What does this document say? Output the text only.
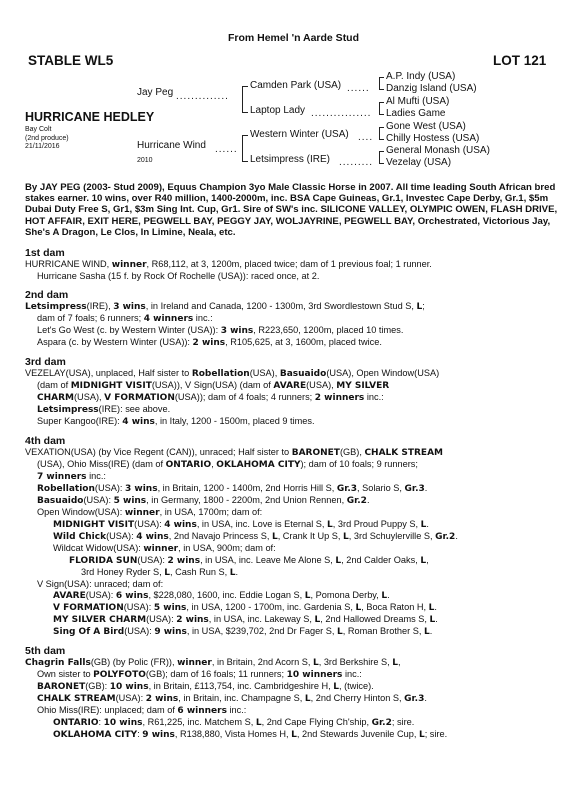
From Hemel 'n Aarde Stud
STABLE WL5	LOT 121
HURRICANE HEDLEY
Bay Colt
(2nd produce)
21/11/2016
Jay Peg ..............
Hurricane Wind ......
2010
Camden Park (USA) ......
Laptop Lady ................
Western Winter (USA) ....
Letsimpress (IRE) .........
A.P. Indy (USA)
Danzig Island (USA)
Al Mufti (USA)
Ladies Game
Gone West (USA)
Chilly Hostess (USA)
General Monash (USA)
Vezelay (USA)
By JAY PEG (2003- Stud 2009), Equus Champion 3yo Male Classic Horse in 2007. All time leading South African bred stakes earner. 10 wins, over R40 million, 1400-2000m, inc. BSA Cape Guineas, Gr.1, Investec Cape Derby, Gr.1, $5m Dubai Duty Free S, Gr1, $3m Sing Int. Cup, Gr1. Sire of SW's inc. SILICONE VALLEY, OLYMPIC OWEN, FLASH DRIVE, HOT AFFAIR, EXIT HERE, PEGWELL BAY, PEGGY JAY, WOLJAYRINE, PEGWELL BAY, Orchestrated, Victorious Jay, She's A Dragon, Le Clos, In Limine, Neala, etc.
1st dam
HURRICANE WIND, winner, R68,112, at 3, 1200m, placed twice; dam of 1 previous foal; 1 runner.
Hurricane Sasha (15 f. by Rock Of Rochelle (USA)): raced once, at 2.
2nd dam
Letsimpress(IRE), 3 wins, in Ireland and Canada, 1200 - 1300m, 3rd Swordlestown Stud S, L;
dam of 7 foals; 6 runners; 4 winners inc.:
Let's Go West (c. by Western Winter (USA)): 3 wins, R223,650, 1200m, placed 10 times.
Aspara (c. by Western Winter (USA)): 2 wins, R105,625, at 3, 1600m, placed twice.
3rd dam
VEZELAY(USA), unplaced, Half sister to Robellation(USA), Basuaido(USA), Open Window(USA)
(dam of MIDNIGHT VISIT(USA)), V Sign(USA) (dam of AVARE(USA), MY SILVER
CHARM(USA), V FORMATION(USA)); dam of 4 foals; 4 runners; 2 winners inc.:
Letsimpress(IRE): see above.
Super Kangoo(IRE): 4 wins, in Italy, 1200 - 1500m, placed 9 times.
4th dam
VEXATION(USA) (by Vice Regent (CAN)), unraced; Half sister to BARONET(GB), CHALK STREAM
(USA), Ohio Miss(IRE) (dam of ONTARIO, OKLAHOMA CITY); dam of 10 foals; 9 runners;
7 winners inc.:
Robellation(USA): 3 wins, in Britain, 1200 - 1400m, 2nd Horris Hill S, Gr.3, Solario S, Gr.3.
Basuaido(USA): 5 wins, in Germany, 1800 - 2200m, 2nd Union Rennen, Gr.2.
Open Window(USA): winner, in USA, 1700m; dam of:
MIDNIGHT VISIT(USA): 4 wins, in USA, inc. Love is Eternal S, L, 3rd Proud Puppy S, L.
Wild Chick(USA): 4 wins, 2nd Navajo Princess S, L, Crank It Up S, L, 3rd Schuylerville S, Gr.2.
Wildcat Widow(USA): winner, in USA, 900m; dam of:
FLORIDA SUN(USA): 2 wins, in USA, inc. Leave Me Alone S, L, 2nd Calder Oaks, L,
3rd Honey Ryder S, L, Cash Run S, L.
V Sign(USA): unraced; dam of:
AVARE(USA): 6 wins, $228,080, 1600, inc. Eddie Logan S, L, Pomona Derby, L.
V FORMATION(USA): 5 wins, in USA, 1200 - 1700m, inc. Gardenia S, L, Boca Raton H, L.
MY SILVER CHARM(USA): 2 wins, in USA, inc. Lakeway S, L, 2nd Hallowed Dreams S, L.
Sing Of A Bird(USA): 9 wins, in USA, $239,702, 2nd Dr Fager S, L, Roman Brother S, L.
5th dam
Chagrin Falls(GB) (by Polic (FR)), winner, in Britain, 2nd Acorn S, L, 3rd Berkshire S, L,
Own sister to POLYFOTO(GB); dam of 16 foals; 11 runners; 10 winners inc.:
BARONET(GB): 10 wins, in Britain, £113,754, inc. Cambridgeshire H, L, (twice).
CHALK STREAM(USA): 2 wins, in Britain, inc. Champagne S, L, 2nd Cherry Hinton S, Gr.3.
Ohio Miss(IRE): unplaced; dam of 6 winners inc.:
ONTARIO: 10 wins, R61,225, inc. Matchem S, L, 2nd Cape Flying Ch'ship, Gr.2; sire.
OKLAHOMA CITY: 9 wins, R138,880, Vista Homes H, L, 2nd Stewards Juvenile Cup, L; sire.
